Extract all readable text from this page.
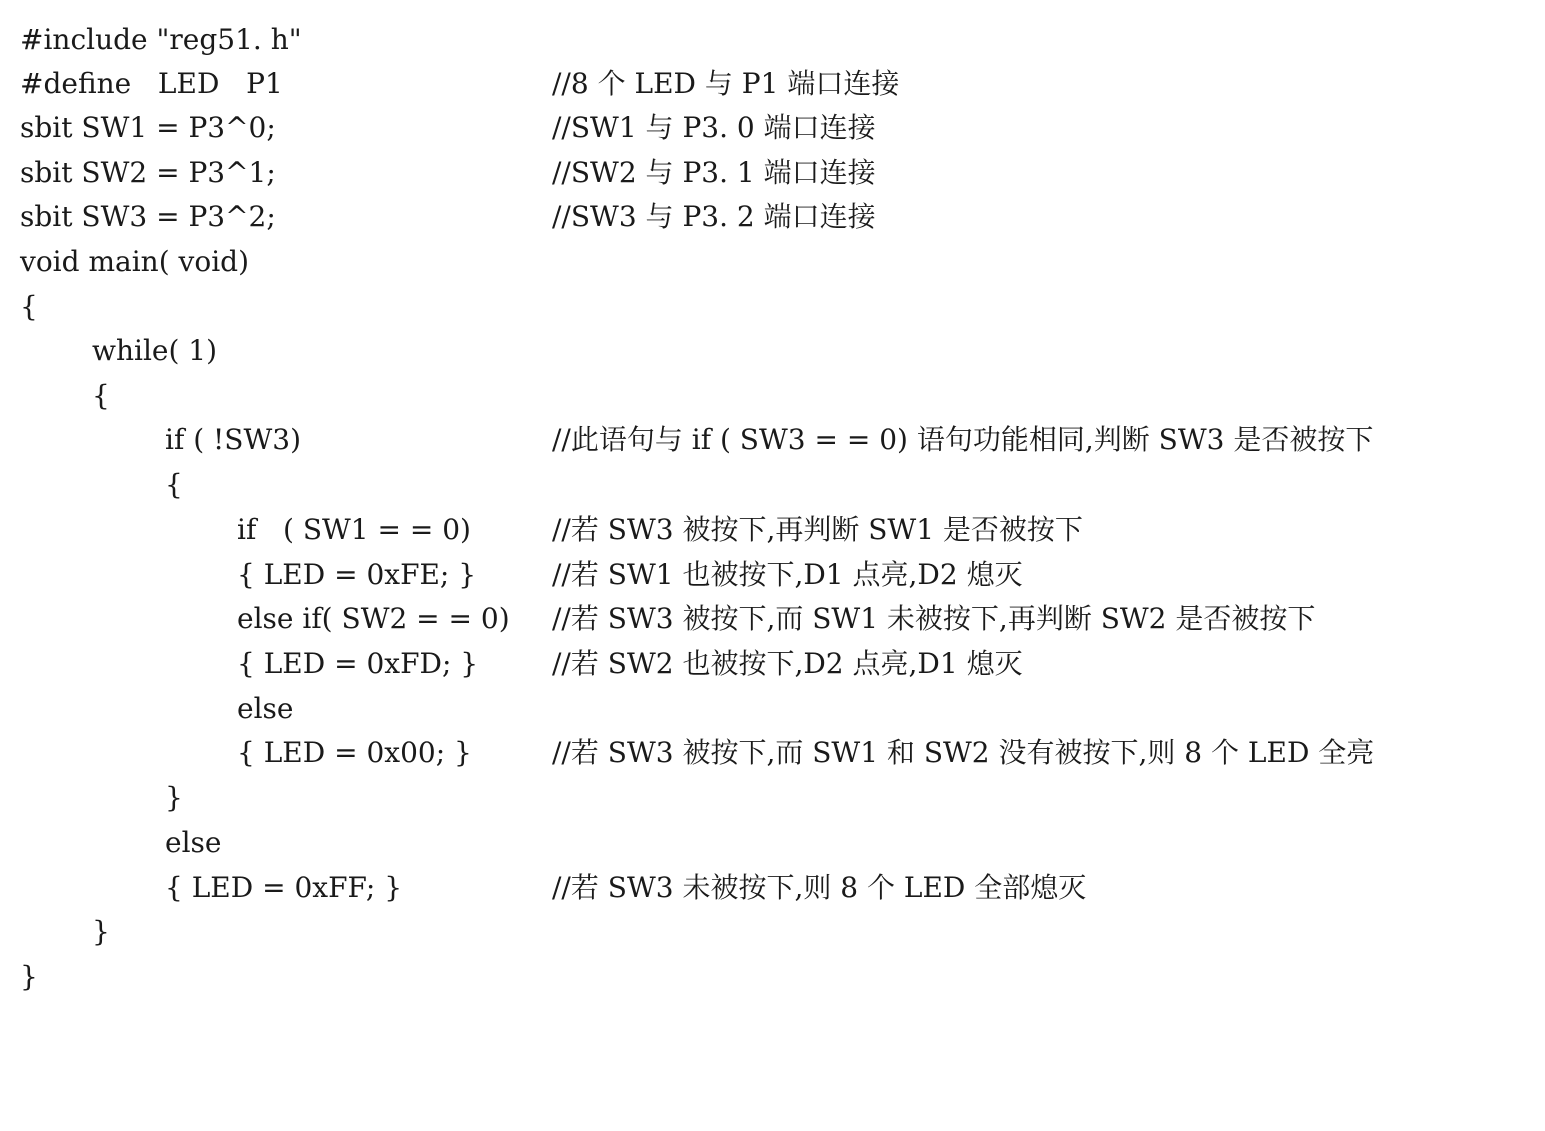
#include "reg51. h"

#define   LED   P1

	//8 个 LED 与 P1 端口连接

sbit SW1 = P3^0;

	//SW1 与 P3. 0 端口连接

sbit SW2 = P3^1;

	//SW2 与 P3. 1 端口连接

sbit SW3 = P3^2;

	//SW3 与 P3. 2 端口连接

void main( void)

{

while( 1)

{

if ( !SW3)

	//此语句与 if ( SW3 = = 0) 语句功能相同,判断 SW3 是否被按下

{

if   ( SW1 = = 0)

	//若 SW3 被按下,再判断 SW1 是否被按下

{ LED = 0xFE; }

	//若 SW1 也被按下,D1 点亮,D2 熄灭

else if( SW2 = = 0)

//若 SW3 被按下,而 SW1 未被按下,再判断 SW2 是否被按下

{ LED = 0xFD; }

	//若 SW2 也被按下,D2 点亮,D1 熄灭

else

{ LED = 0x00; }

	//若 SW3 被按下,而 SW1 和 SW2 没有被按下,则 8 个 LED 全亮

}

else

{ LED = 0xFF; }

	//若 SW3 未被按下,则 8 个 LED 全部熄灭

}

}
